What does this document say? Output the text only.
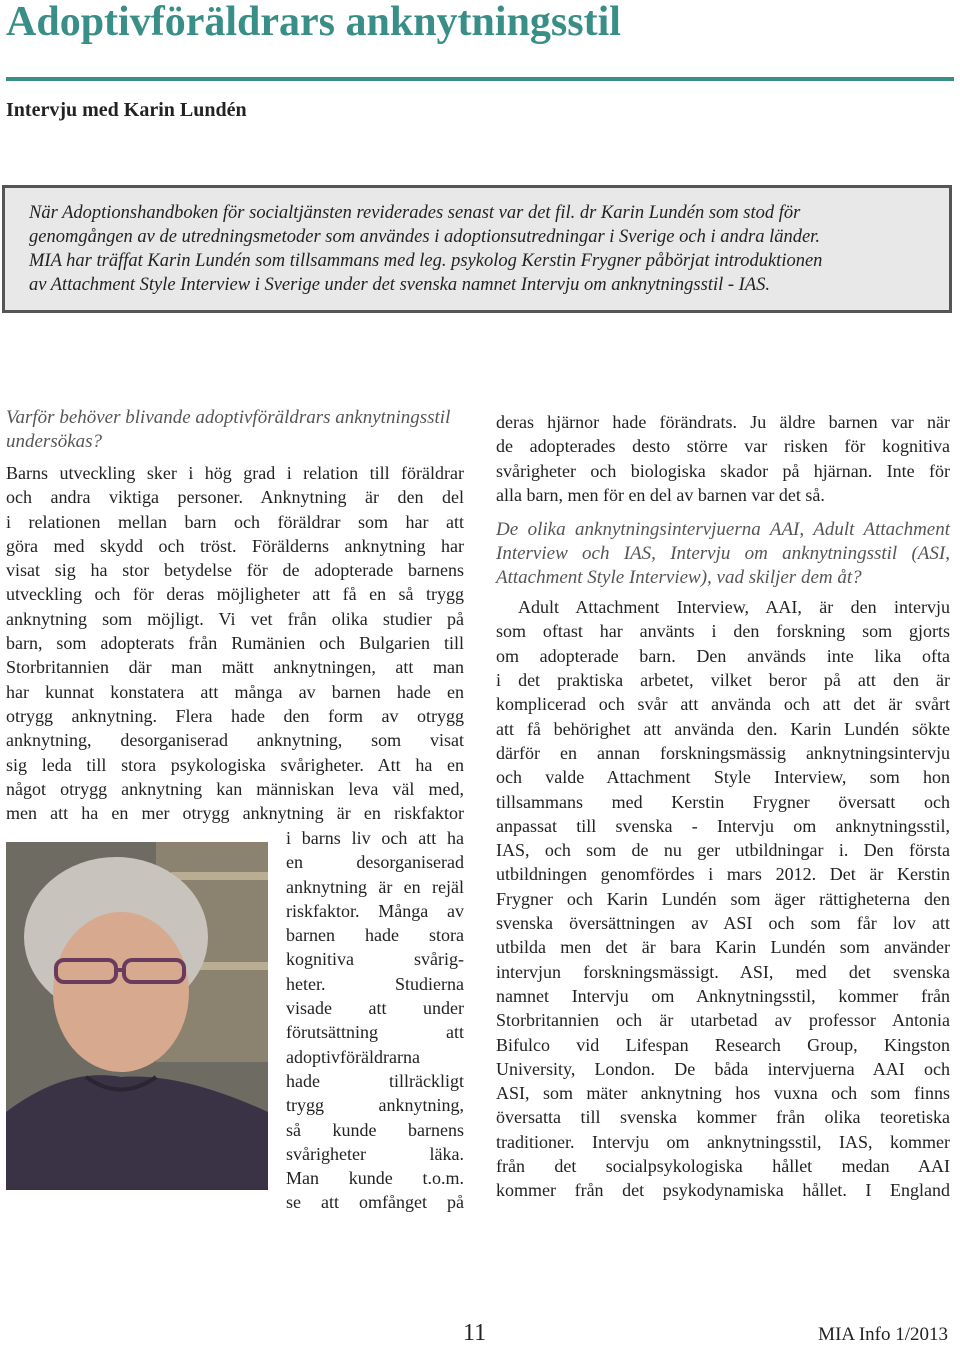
Adoptivföräldrars anknytningsstil
Intervju med Karin Lundén
När Adoptionshandboken för socialtjänsten reviderades senast var det fil. dr Karin Lundén som stod för
genomgången av de utredningsmetoder som användes i adoptionsutredningar i Sverige och i andra länder.
MIA har träffat Karin Lundén som tillsammans med leg. psykolog Kerstin Frygner påbörjat introduktionen
av Attachment Style Interview i Sverige under det svenska namnet Intervju om anknytningsstil - IAS.
Varför behöver blivande adoptivföräldrars anknytningsstil
undersökas?
Barns utveckling sker i hög grad i relation till föräldrar
och andra viktiga personer. Anknytning är den del
i relationen mellan barn och föräldrar som har att
göra med skydd och tröst. Förälderns anknytning har
visat sig ha stor betydelse för de adopterade barnens
utveckling och för deras möjligheter att få en så trygg
anknytning som möjligt. Vi vet från olika studier på
barn, som adopterats från Rumänien och Bulgarien till
Storbritannien där man mätt anknytningen, att man
har kunnat konstatera att många av barnen hade en
otrygg anknytning. Flera hade den form av otrygg
anknytning, desorganiserad anknytning, som visat
sig leda till stora psykologiska svårigheter. Att ha en
något otrygg anknytning kan människan leva väl med,
men att ha en mer otrygg anknytning är en riskfaktor
i barns liv och att ha
en desorganiserad
anknytning är en rejäl
riskfaktor. Många av
barnen hade stora
kognitiva svårig-
heter. Studierna
visade att under
förutsättning att
adoptivföräldrarna
hade tillräckligt
trygg anknytning,
så kunde barnens
svårigheter läka.
Man kunde t.o.m.
se att omfånget på
deras hjärnor hade förändrats. Ju äldre barnen var när
de adopterades desto större var risken för kognitiva
svårigheter och biologiska skador på hjärnan. Inte för
alla barn, men för en del av barnen var det så.
De olika anknytningsintervjuerna AAI, Adult Attachment
Interview och IAS, Intervju om anknytningsstil (ASI,
Attachment Style Interview), vad skiljer dem åt?
Adult Attachment Interview, AAI, är den intervju
som oftast har använts i den forskning som gjorts
om adopterade barn. Den används inte lika ofta
i det praktiska arbetet, vilket beror på att den är
komplicerad och svår att använda och att det är svårt
att få behörighet att använda den. Karin Lundén sökte
därför en annan forskningsmässig anknytningsintervju
och valde Attachment Style Interview, som hon
tillsammans med Kerstin Frygner översatt och
anpassat till svenska - Intervju om anknytningsstil,
IAS, och som de nu ger utbildningar i. Den första
utbildningen genomfördes i mars 2012. Det är Kerstin
Frygner och Karin Lundén som äger rättigheterna den
svenska översättningen av ASI och som får lov att
utbilda men det är bara Karin Lundén som använder
intervjun forskningsmässigt. ASI, med det svenska
namnet Intervju om Anknytningsstil, kommer från
Storbritannien och är utarbetad av professor Antonia
Bifulco vid Lifespan Research Group, Kingston
University, London. De båda intervjuerna AAI och
ASI, som mäter anknytning hos vuxna och som finns
översatta till svenska kommer från olika teoretiska
traditioner. Intervju om anknytningsstil, IAS, kommer
från det socialpsykologiska hållet medan AAI
kommer från det psykodynamiska hållet. I England
11	MIA Info 1/2013
